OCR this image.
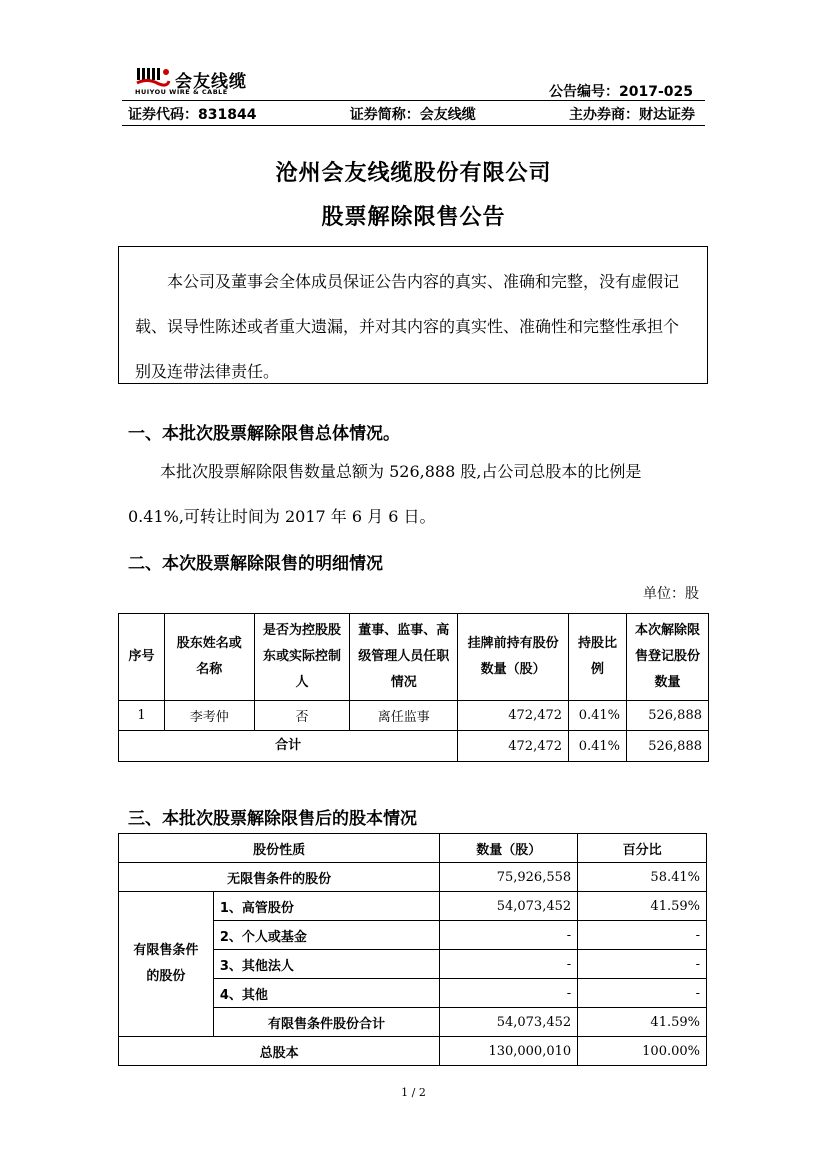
会友线缆
HUIYOU WIRE & CABLE	公告编号：2017-025
证券代码：831844	证券简称：会友线缆	主办券商：财达证券
沧州会友线缆股份有限公司
股票解除限售公告
本公司及董事会全体成员保证公告内容的真实、准确和完整，没有虚假记载、误导性陈述或者重大遗漏，并对其内容的真实性、准确性和完整性承担个别及连带法律责任。
一、本批次股票解除限售总体情况。
本批次股票解除限售数量总额为 526,888 股,占公司总股本的比例是 0.41%,可转让时间为 2017 年 6 月 6 日。
二、本次股票解除限售的明细情况
单位：股
序号	股东姓名或名称	是否为控股股东或实际控制人	董事、监事、高级管理人员任职情况	挂牌前持有股份数量（股）	持股比例	本次解除限售登记股份数量
1	李考仲	否	离任监事	472,472	0.41%	526,888
合计				472,472	0.41%	526,888
三、本批次股票解除限售后的股本情况
股份性质		数量（股）	百分比
无限售条件的股份		75,926,558	58.41%
有限售条件的股份	1、高管股份	54,073,452	41.59%
	2、个人或基金	-	-
	3、其他法人	-	-
	4、其他	-	-
	有限售条件股份合计	54,073,452	41.59%
总股本		130,000,010	100.00%
1 / 2
